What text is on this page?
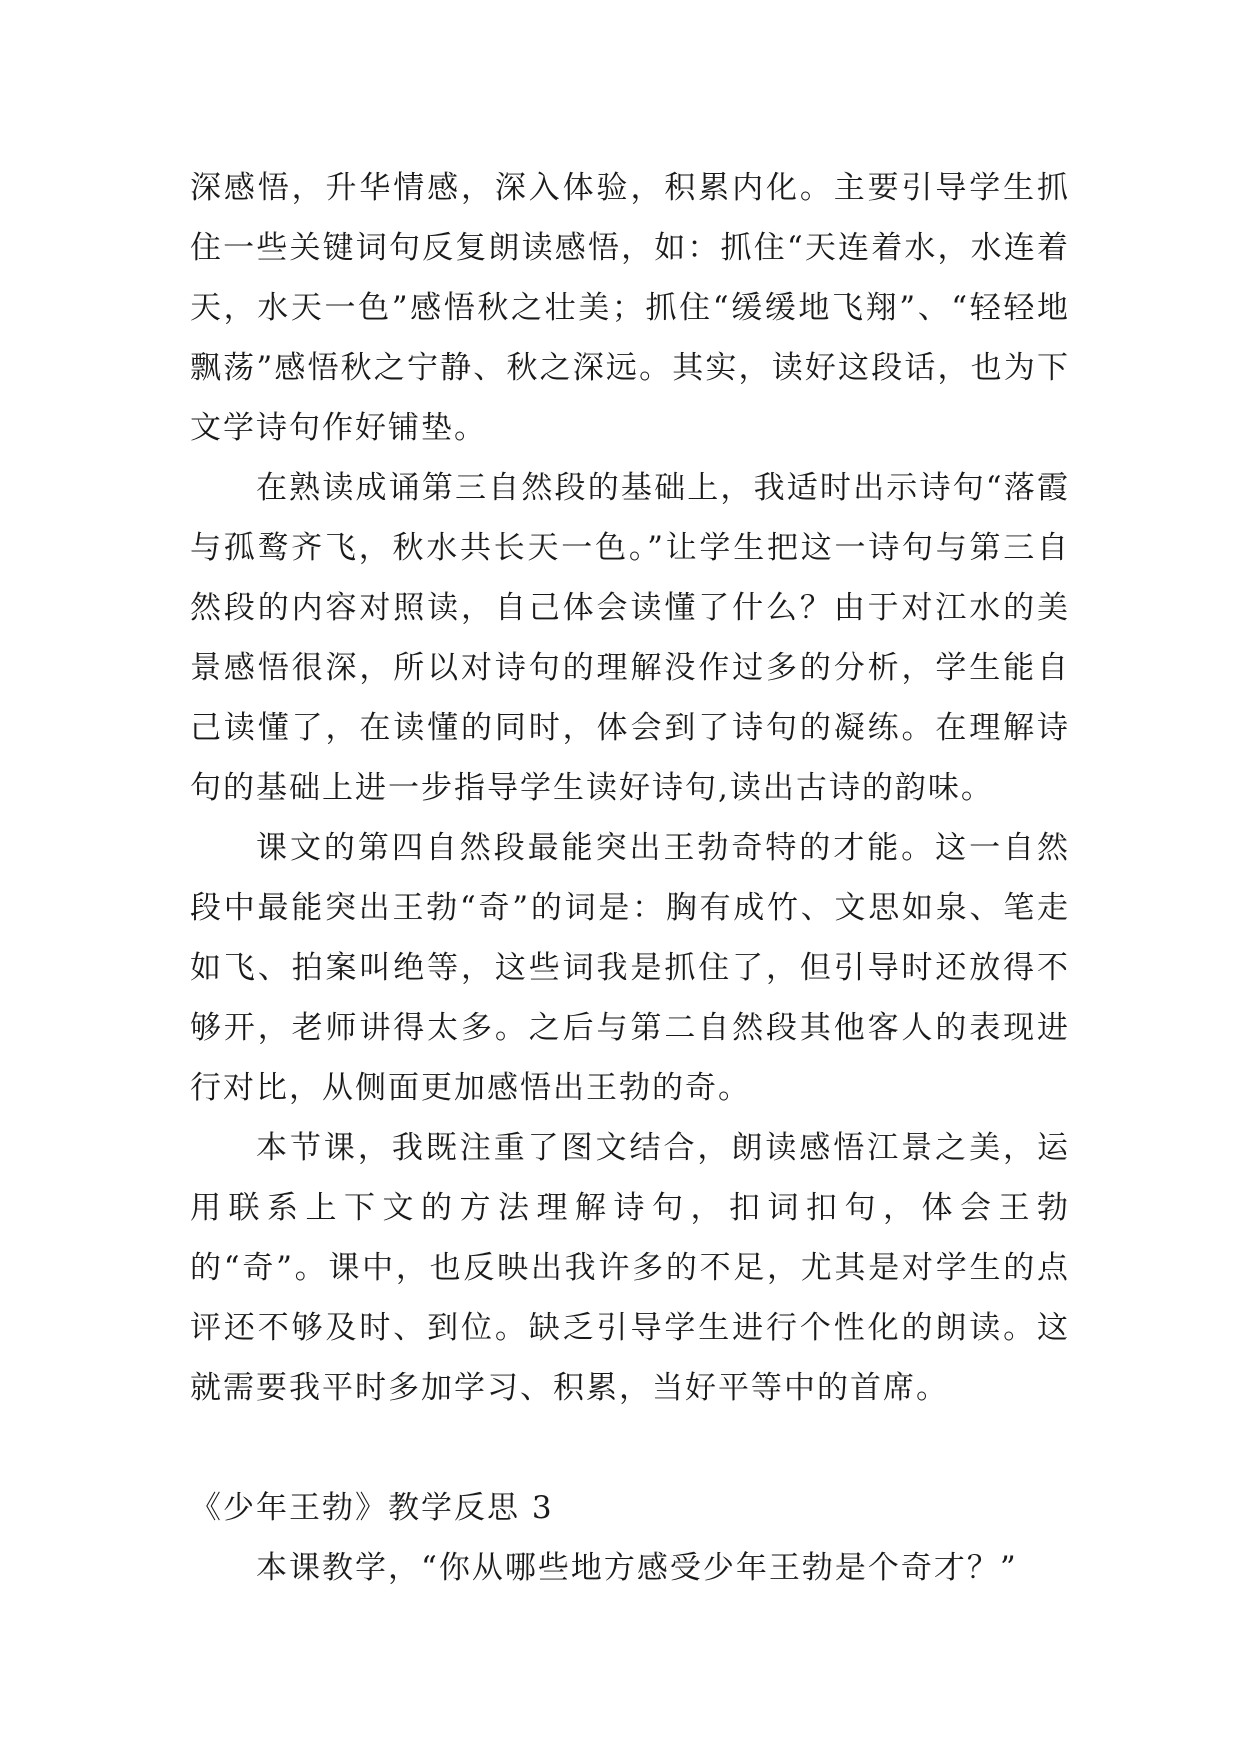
深感悟，升华情感，深入体验，积累内化。主要引导学生抓住一些关键词句反复朗读感悟，如：抓住“天连着水，水连着天，水天一色”感悟秋之壮美；抓住“缓缓地飞翔”、“轻轻地飘荡”感悟秋之宁静、秋之深远。其实，读好这段话，也为下文学诗句作好铺垫。

在熟读成诵第三自然段的基础上，我适时出示诗句“落霞与孤鹜齐飞，秋水共长天一色。”让学生把这一诗句与第三自然段的内容对照读，自己体会读懂了什么？由于对江水的美景感悟很深，所以对诗句的理解没作过多的分析，学生能自己读懂了，在读懂的同时，体会到了诗句的凝练。在理解诗句的基础上进一步指导学生读好诗句,读出古诗的韵味。

课文的第四自然段最能突出王勃奇特的才能。这一自然段中最能突出王勃“奇”的词是：胸有成竹、文思如泉、笔走如飞、拍案叫绝等，这些词我是抓住了，但引导时还放得不够开，老师讲得太多。之后与第二自然段其他客人的表现进行对比，从侧面更加感悟出王勃的奇。

本节课，我既注重了图文结合，朗读感悟江景之美，运用联系上下文的方法理解诗句，扣词扣句，体会王勃的“奇”。课中，也反映出我许多的不足，尤其是对学生的点评还不够及时、到位。缺乏引导学生进行个性化的朗读。这就需要我平时多加学习、积累，当好平等中的首席。

《少年王勃》教学反思 3

本课教学，“你从哪些地方感受少年王勃是个奇才？”
